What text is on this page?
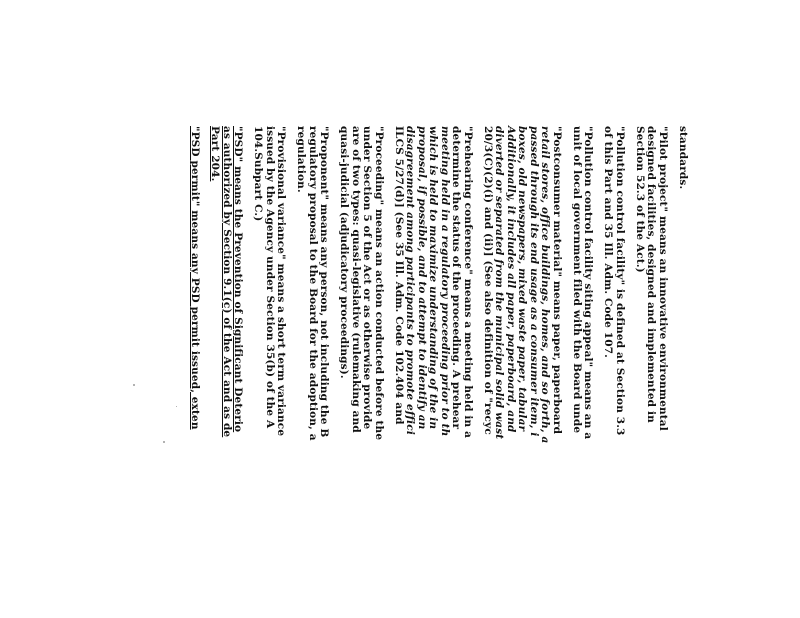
standards.
"Pilot project" means an innovative environmental
designed facilities, designed and implemented in
Section 52.3 of the Act.)
"Pollution control facility" is defined at Section 3.3
of this Part and 35 Ill. Adm. Code 107.
"Pollution control facility siting appeal" means an a
unit of local government filed with the Board unde
"Postconsumer material" means paper, paperboard
retail stores, office buildings, homes, and so forth, a
passed through its end usage as a consumer item, i
boxes, old newspapers, mixed waste paper, tabular
Additionally, it includes all paper, paperboard, and
diverted or separated from the municipal solid wast
20/3(C)(2)(i) and (ii)] (See also definition of "recyc
"Prehearing conference" means a meeting held in a
determine the status of the proceeding. A prehear
meeting held in a regulatory proceeding prior to th
which is held to maximize understanding of the in
proposal, if possible, and to attempt to identify an
disagreement among participants to promote effici
ILCS 5/27(d)] (See 35 Ill. Adm. Code 102.404 and
"Proceeding" means an action conducted before the
under Section 5 of the Act or as otherwise provide
are of two types: quasi-legislative (rulemaking and
quasi-judicial (adjudicatory proceedings).
"Proponent" means any person, not including the B
regulatory proposal to the Board for the adoption, a
regulation.
"Provisional variance" means a short term variance
issued by the Agency under Section 35(b) of the A
104.Subpart C.)
"PSD" means the Prevention of Significant Deterio
as authorized by Section 9.1(c) of the Act and as de
Part 204.
"PSD permit" means any PSD permit issued, exten
